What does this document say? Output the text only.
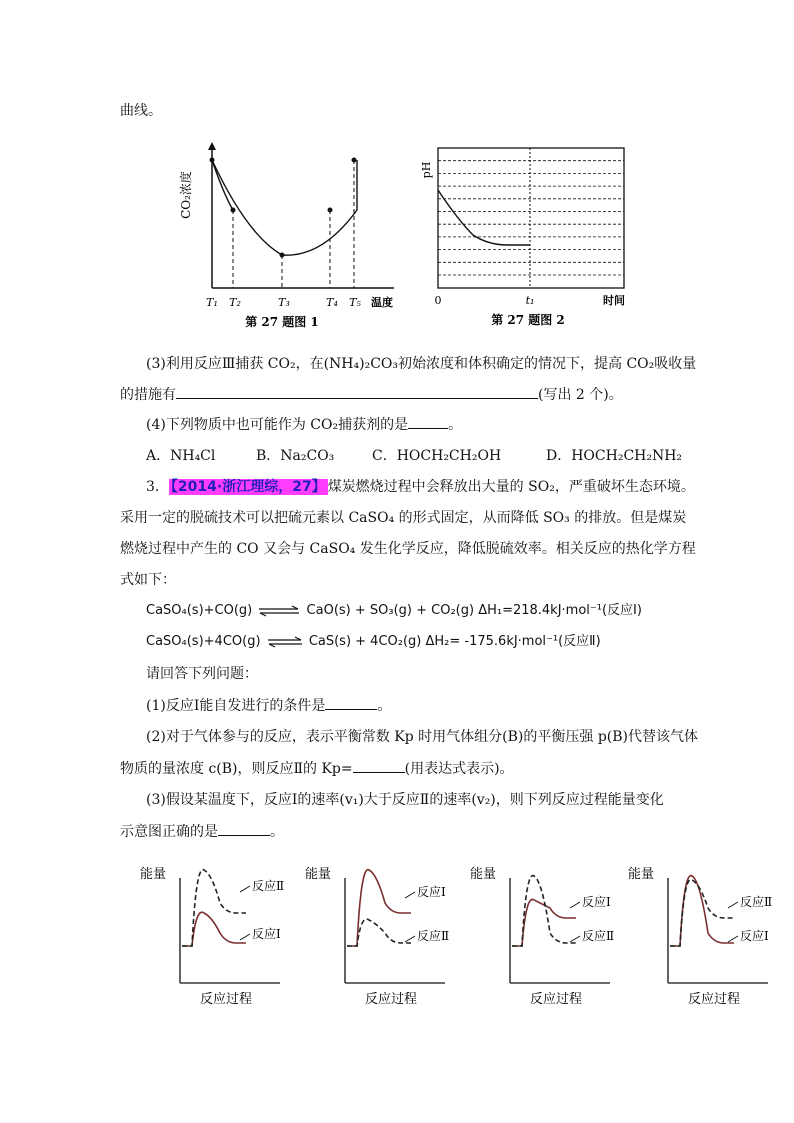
曲线。
CO₂浓度
T₁ T₂	T₃	T₄ T₅ 温度
第 27 题图 1
pH
0	t₁	时间
第 27 题图 2
(3)利用反应Ⅲ捕获 CO₂，在(NH₄)₂CO₃初始浓度和体积确定的情况下，提高 CO₂吸收量
的措施有	(写出 2 个)。
(4)下列物质中也可能作为 CO₂捕获剂的是	。
A．NH₄Cl	B．Na₂CO₃	C．HOCH₂CH₂OH	D．HOCH₂CH₂NH₂
3． 【2014·浙江理综，27】 煤炭燃烧过程中会释放出大量的 SO₂，严重破坏生态环境。
采用一定的脱硫技术可以把硫元素以 CaSO₄ 的形式固定，从而降低 SO₃ 的排放。但是煤炭
燃烧过程中产生的 CO 又会与 CaSO₄ 发生化学反应，降低脱硫效率。相关反应的热化学方程
式如下：
CaSO₄(s)+CO(g) ⇌ CaO(s) + SO₃(g) + CO₂(g) ΔH₁=218.4kJ·mol⁻¹(反应Ⅰ)
CaSO₄(s)+4CO(g) ⇌ CaS(s) + 4CO₂(g) ΔH₂= -175.6kJ·mol⁻¹(反应Ⅱ)
请回答下列问题：
(1)反应Ⅰ能自发进行的条件是	。
(2)对于气体参与的反应，表示平衡常数 Kp 时用气体组分(B)的平衡压强 p(B)代替该气体
物质的量浓度 c(B)，则反应Ⅱ的 Kp=	(用表达式表示)。
(3)假设某温度下，反应Ⅰ的速率(v₁)大于反应Ⅱ的速率(v₂)，则下列反应过程能量变化
示意图正确的是	。
能量
反应过程
反应Ⅰ
反应Ⅱ
能量
反应过程
反应Ⅰ
反应Ⅱ
能量
反应过程
反应Ⅰ
反应Ⅱ
能量
反应过程
反应Ⅰ
反应Ⅱ
